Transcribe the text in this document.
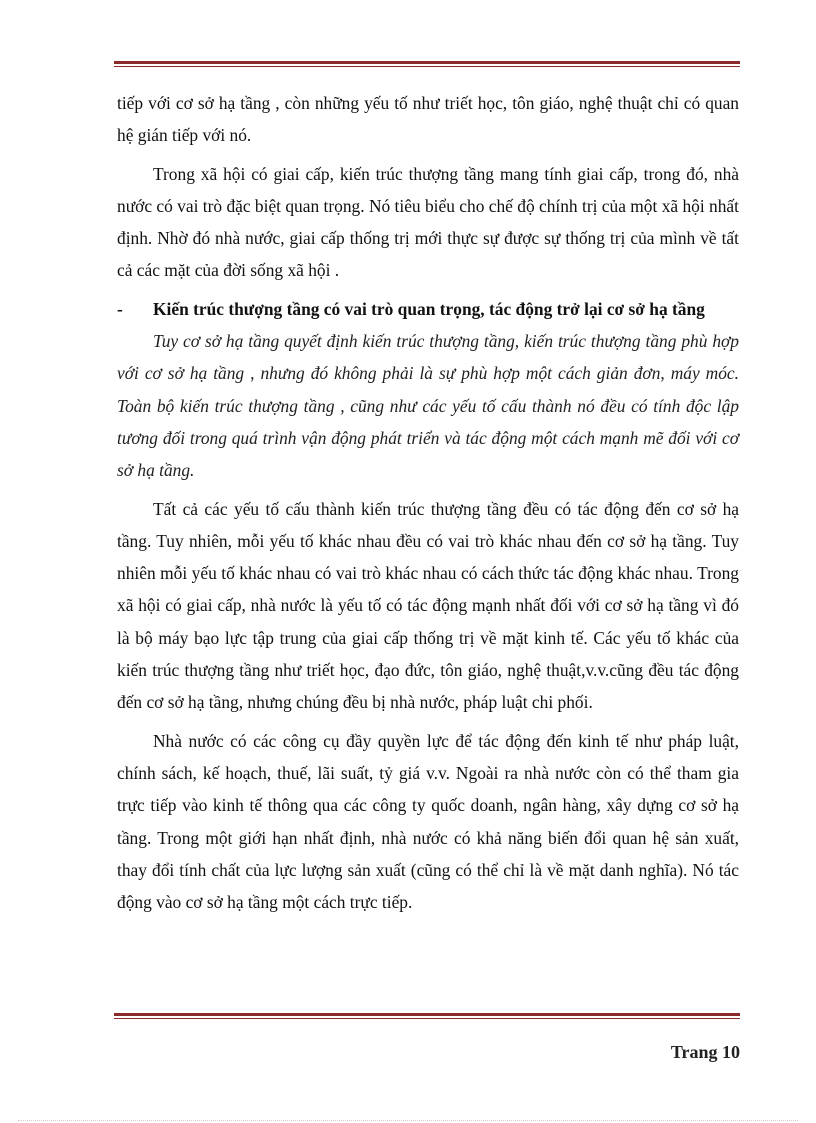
tiếp với cơ sở hạ tầng , còn những yếu tố như triết học, tôn giáo, nghệ thuật chỉ có quan hệ gián tiếp với nó.

Trong xã hội có giai cấp, kiến trúc thượng tầng mang tính giai cấp, trong đó, nhà nước có vai trò đặc biệt quan trọng. Nó tiêu biểu cho chế độ chính trị của một xã hội nhất định. Nhờ đó nhà nước, giai cấp thống trị mới thực sự được sự thống trị của mình về tất cả các mặt của đời sống xã hội .

- Kiến trúc thượng tầng có vai trò quan trọng, tác động trở lại cơ sở hạ tầng

Tuy cơ sở hạ tầng quyết định kiến trúc thượng tầng, kiến trúc thượng tầng phù hợp với cơ sở hạ tầng , nhưng đó không phải là sự phù hợp một cách giản đơn, máy móc. Toàn bộ kiến trúc thượng tầng , cũng như các yếu tố cấu thành nó đều có tính độc lập tương đối trong quá trình vận động phát triển và tác động một cách mạnh mẽ đối với cơ sở hạ tầng.

Tất cả các yếu tố cấu thành kiến trúc thượng tầng đều có tác động đến cơ sở hạ tầng. Tuy nhiên, mỗi yếu tố khác nhau đều có vai trò khác nhau đến cơ sở hạ tầng. Tuy nhiên mỗi yếu tố khác nhau có vai trò khác nhau có cách thức tác động khác nhau. Trong xã hội có giai cấp, nhà nước là yếu tố có tác động mạnh nhất đối với cơ sở hạ tầng vì đó là bộ máy bạo lực tập trung của giai cấp thống trị về mặt kinh tế. Các yếu tố khác của kiến trúc thượng tầng như triết học, đạo đức, tôn giáo, nghệ thuật,v.v.cũng đều tác động đến cơ sở hạ tầng, nhưng chúng đều bị nhà nước, pháp luật chi phối.

Nhà nước có các công cụ đầy quyền lực để tác động đến kinh tế như pháp luật, chính sách, kế hoạch, thuế, lãi suất, tỷ giá v.v. Ngoài ra nhà nước còn có thể tham gia trực tiếp vào kinh tế thông qua các công ty quốc doanh, ngân hàng, xây dựng cơ sở hạ tầng. Trong một giới hạn nhất định, nhà nước có khả năng biến đổi quan hệ sản xuất, thay đổi tính chất của lực lượng sản xuất (cũng có thể chỉ là về mặt danh nghĩa). Nó tác động vào cơ sở hạ tầng một cách trực tiếp.

Trang 10
